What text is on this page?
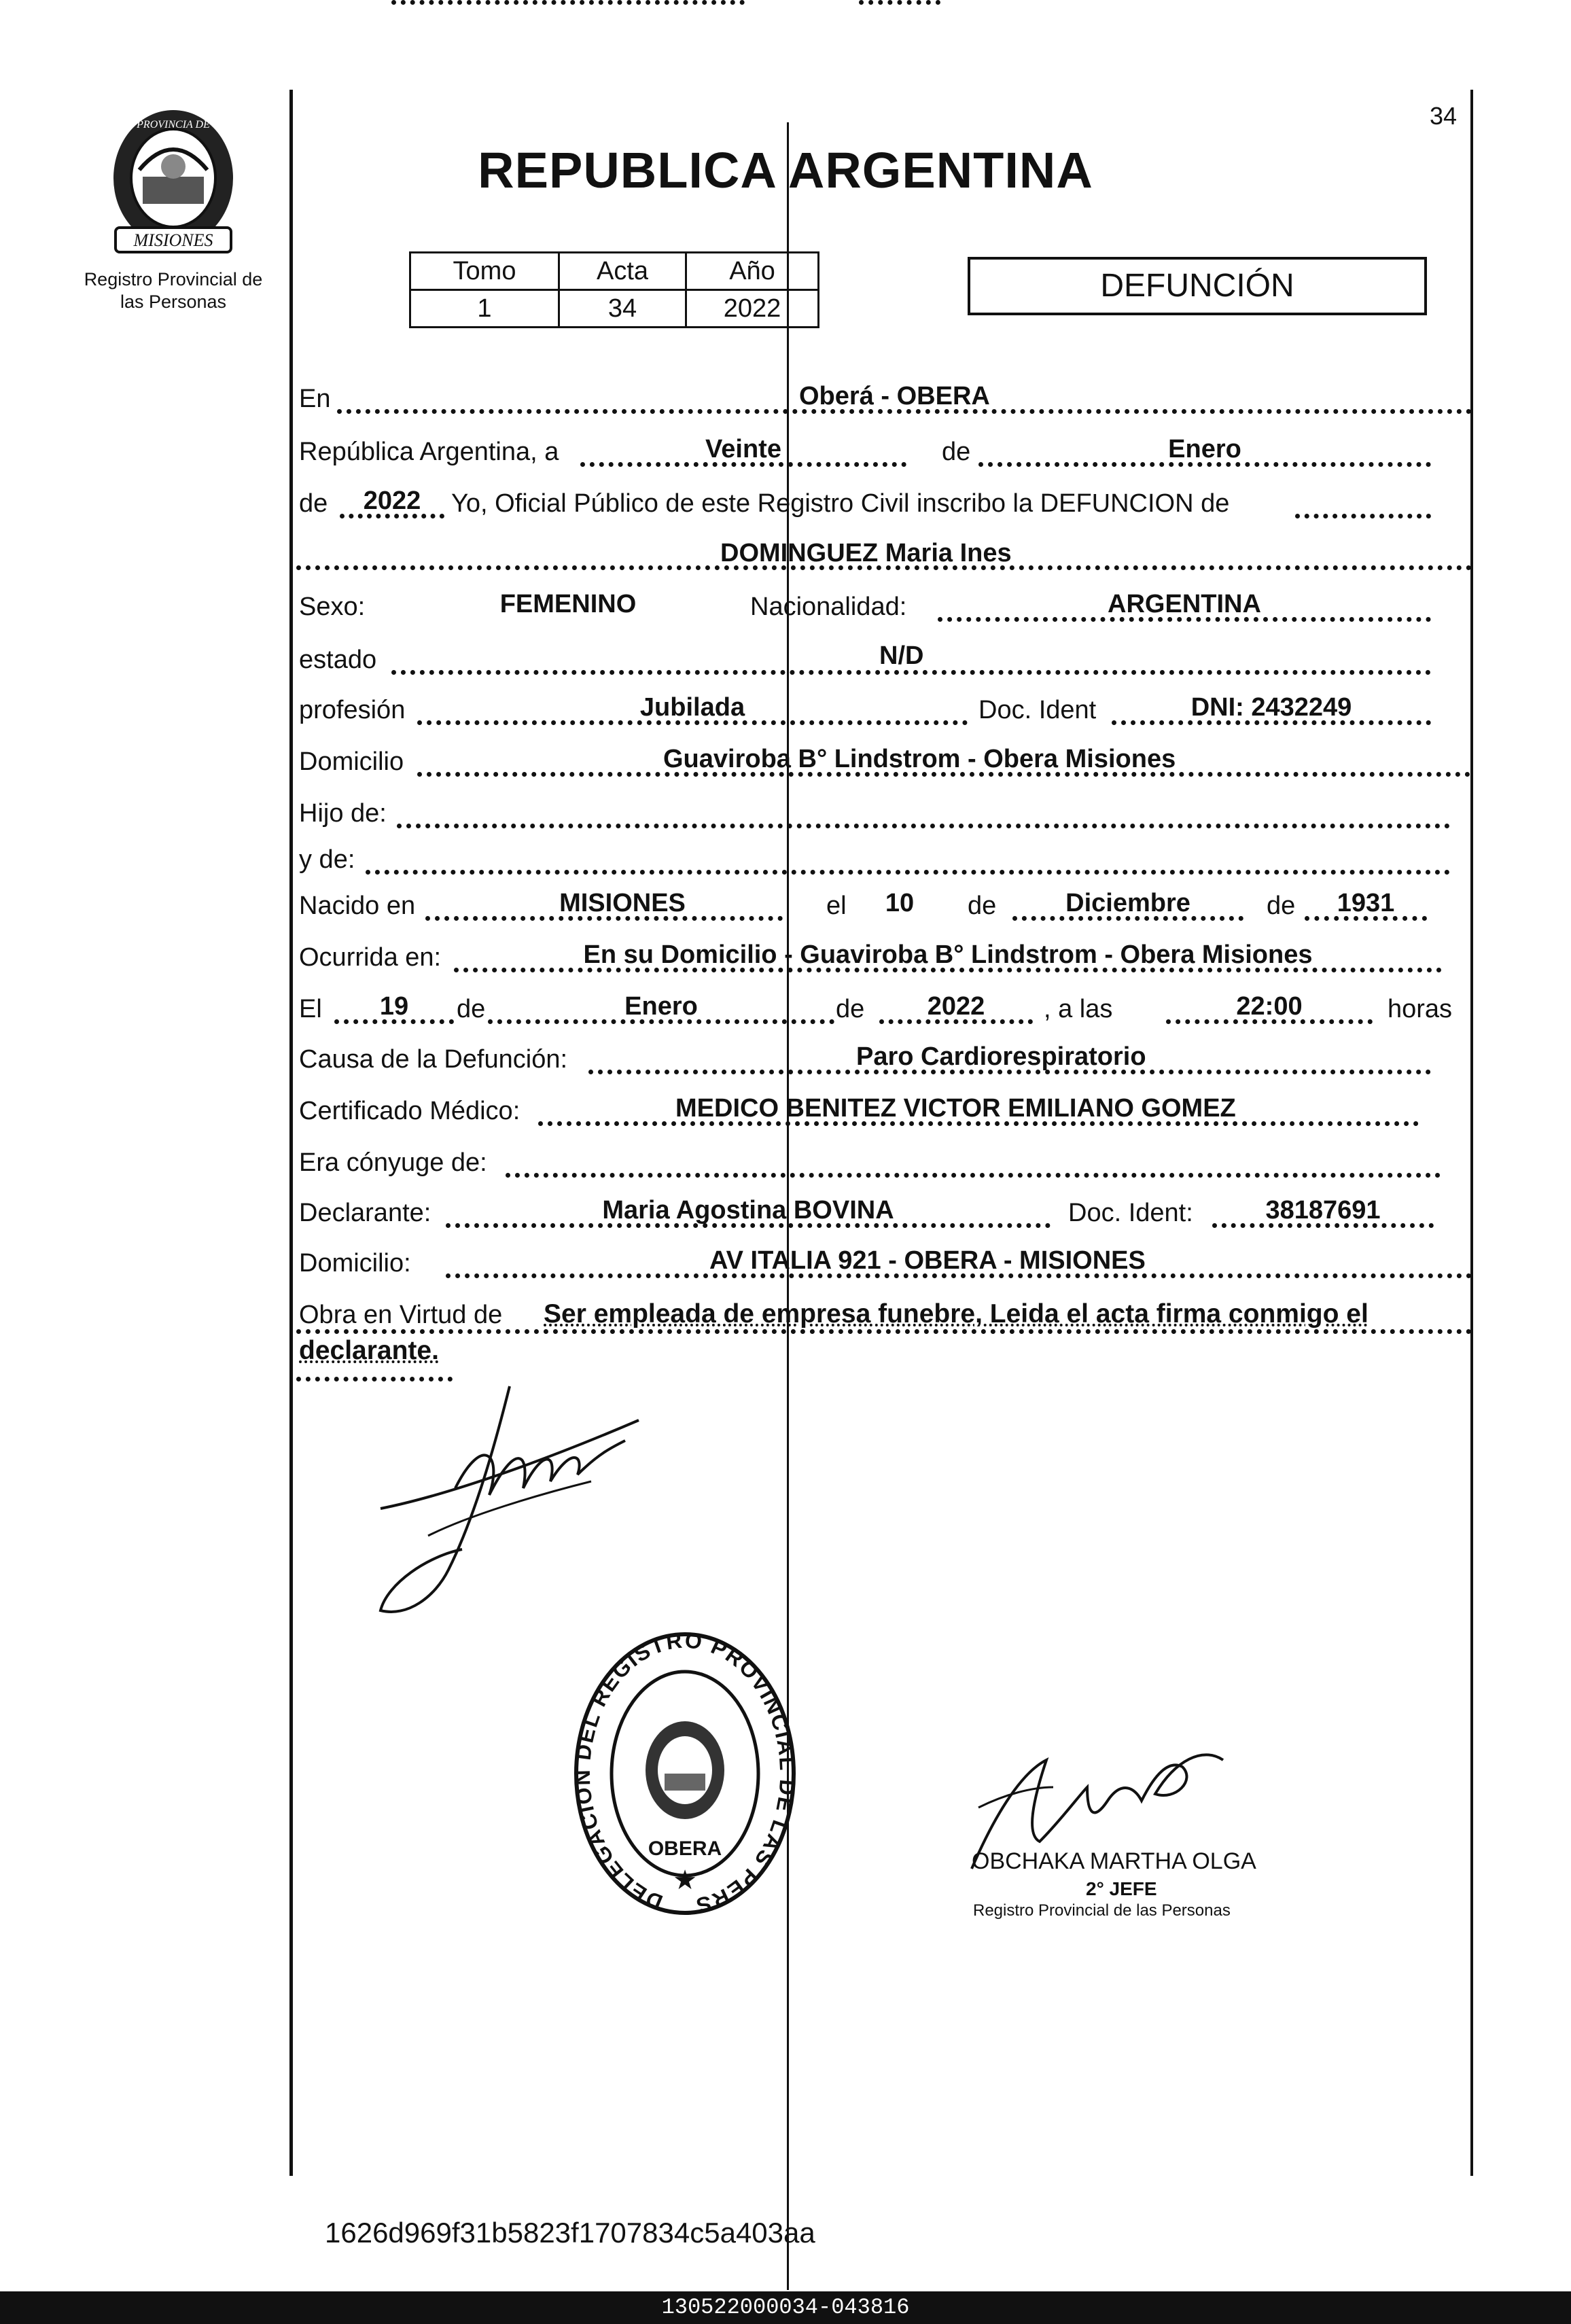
MISIONES
PROVINCIA DE
Registro Provincial de
las Personas
34
REPUBLICA ARGENTINA
Tomo	Acta	Año
1	34	2022
DEFUNCIÓN
En	Oberá - OBERA
República Argentina, a	Veinte	de	Enero
de	2022	Yo, Oficial Público de este Registro Civil inscribo la DEFUNCION de
DOMINGUEZ Maria Ines
Sexo:	FEMENINO	Nacionalidad:	ARGENTINA
estado	N/D
profesión	Jubilada	Doc. Ident	DNI: 2432249
Domicilio	Guaviroba B° Lindstrom - Obera Misiones
Hijo de:
y de:
Nacido en	MISIONES	el	10	de	Diciembre	de	1931
Ocurrida en:	En su Domicilio - Guaviroba B° Lindstrom - Obera Misiones
El	19	de	Enero	de	2022	, a las	22:00	horas
Causa de la Defunción:	Paro Cardiorespiratorio
Certificado Médico:	MEDICO BENITEZ VICTOR EMILIANO GOMEZ
Era cónyuge de:
Declarante:	Maria Agostina BOVINA	Doc. Ident:	38187691
Domicilio:	AV ITALIA 921 - OBERA - MISIONES
Obra en Virtud de Ser empleada de empresa funebre, Leida el acta firma conmigo el
declarante.
DELEGACION DEL REGISTRO PROVINCIAL DE LAS PERS
OBERA
★
OBCHAKA MARTHA OLGA
2° JEFE
Registro Provincial de las Personas
1626d969f31b5823f1707834c5a403aa
130522000034-043816
